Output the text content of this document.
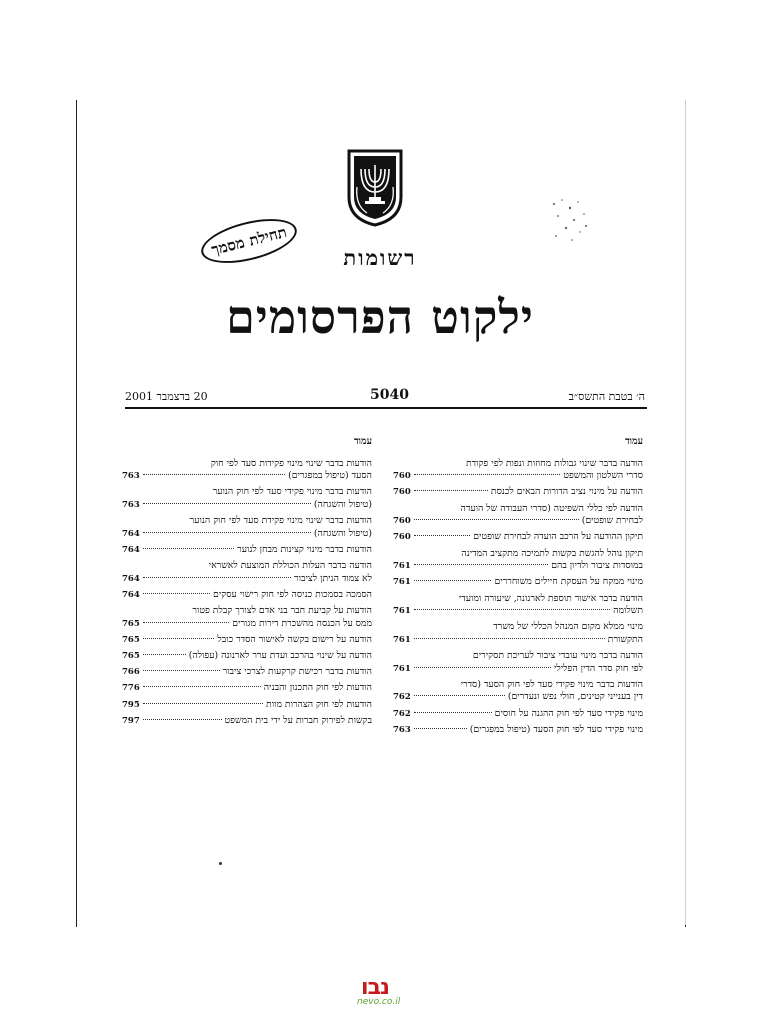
תחילת מסמך	רשומות
ילקוט הפרסומים
ה׳ בטבת התשס״ב
5040
20 בדצמבר 2001
עמוד
הודעה בדבר שינוי גבולות מחוזות ונפות לפי פקודת
סדרי השלטון והמשפט
760
הודעה על מינוי נציב הדורות הבאים לכנסת
760
הודעה לפי כללי השפיטה (סדרי העבודה של הועדה
לבחירת שופטים)
760
תיקון ההודעה על הרכב הועדה לבחירת שופטים
760
תיקון נוהל להגשת בקשות לתמיכה מתקציב המדינה
במוסדות ציבור ולדיון בהם
761
מינוי ממקח על העסקת חיילים משוחררים
761
הודעה בדבר אישור תוספת לארנונה, שיעורה ומועדי
תשלומה
761
מינוי ממלא מקום המנהל הכללי של משרד
התקשורת
761
הודעה בדבר מינוי עובדי ציבור לעריכת תסקירים
לפי חוק סדר הדין הפלילי
761
הודעות בדבר מינוי פקידי סעד לפי חוק הסעד (סדרי
דין בענייני קטינים, חולי נפש ונעדרים)
762
מינוי פקידי סעד לפי חוק ההגנה על חוסים
762
מינוי פקידי סעד לפי חוק הסעד (טיפול במפגרים)
763
עמוד
הודעות בדבר שינוי מינוי פקידות סעד לפי חוק
הסעד (טיפול במפגרים)
763
הודעות בדבר מינוי פקידי סעד לפי חוק הנוער
(טיפול והשגחה)
763
הודעות בדבר שינוי מינוי פקידת סעד לפי חוק הנוער
(טיפול והשגחה)
764
הודעות בדבר מינוי קצינות מבחן לנוער
764
הודעה בדבר העלות הכוללת המוצעת לאשראי
לא צמוד הניתן לציבור
764
הסמכה בסמכות כניסה לפי חוק רישוי עסקים
764
הודעות על קביעת חבר בני אדם לצורך קבלת פטור
ממס על הכנסה מהשכרת דירות מגורים
765
הודעה על רישום בקשה לאישור הסדר כובל
765
הודעה על שינוי בהרכב ועדת ערר לארנונה (עפולה)
765
הודעות בדבר רכישת קרקעות לצרכי ציבור
766
הודעות לפי חוק התכנון והבניה
776
הודעות לפי חוק הצהרות מוות
795
בקשות לפירוק חברות על ידי בית המשפט
797
נבו
nevo.co.il
